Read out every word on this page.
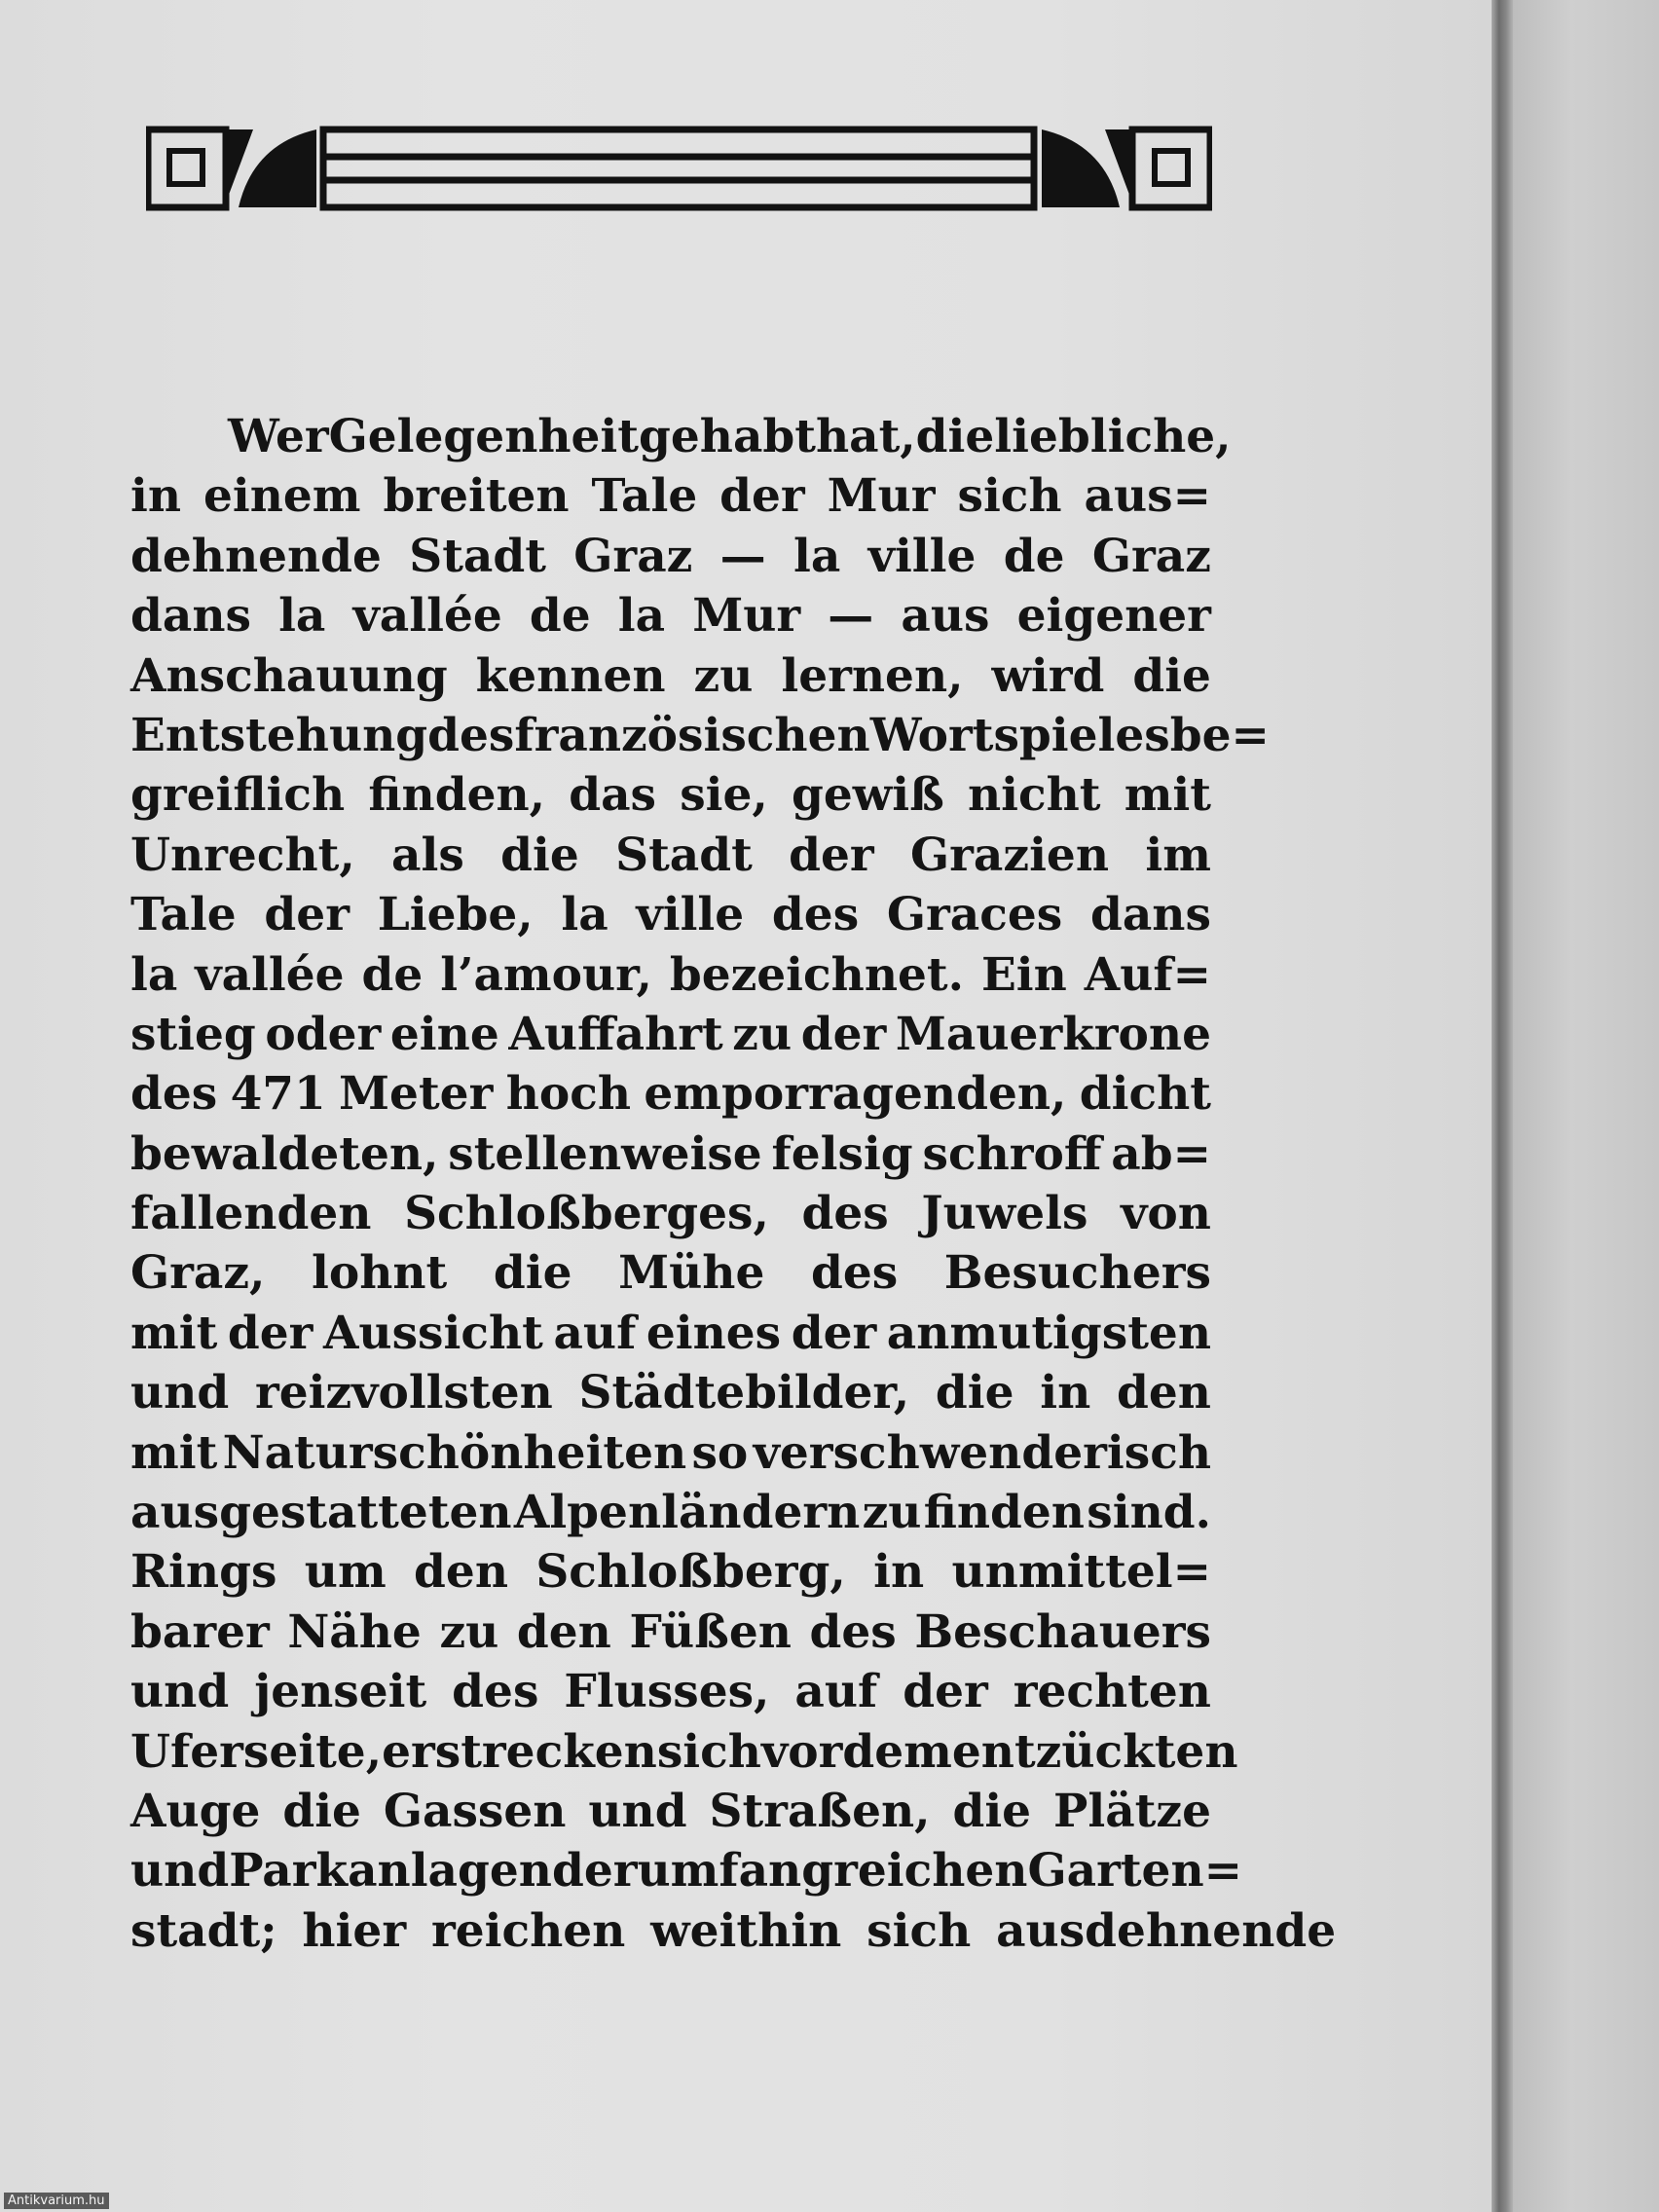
Wer Gelegenheit gehabt hat, die liebliche,
in einem breiten Tale der Mur sich aus=
dehnende Stadt Graz — la ville de Graz
dans la vallée de la Mur — aus eigener
Anschauung kennen zu lernen, wird die
Entstehung des französischen Wortspieles be=
greiflich finden, das sie, gewiß nicht mit
Unrecht, als die Stadt der Grazien im
Tale der Liebe, la ville des Graces dans
la vallée de l’amour, bezeichnet. Ein Auf=
stieg oder eine Auffahrt zu der Mauerkrone
des 471 Meter hoch emporragenden, dicht
bewaldeten, stellenweise felsig schroff ab=
fallenden Schloßberges, des Juwels von
Graz, lohnt die Mühe des Besuchers
mit der Aussicht auf eines der anmutigsten
und reizvollsten Städtebilder, die in den
mit Naturschönheiten so verschwenderisch
ausgestatteten Alpenländern zu finden sind.
Rings um den Schloßberg, in unmittel=
barer Nähe zu den Füßen des Beschauers
und jenseit des Flusses, auf der rechten
Uferseite, erstrecken sich vor dem entzückten
Auge die Gassen und Straßen, die Plätze
und Parkanlagen der umfangreichen Garten=
stadt; hier reichen weithin sich ausdehnende
Antikvarium.hu
